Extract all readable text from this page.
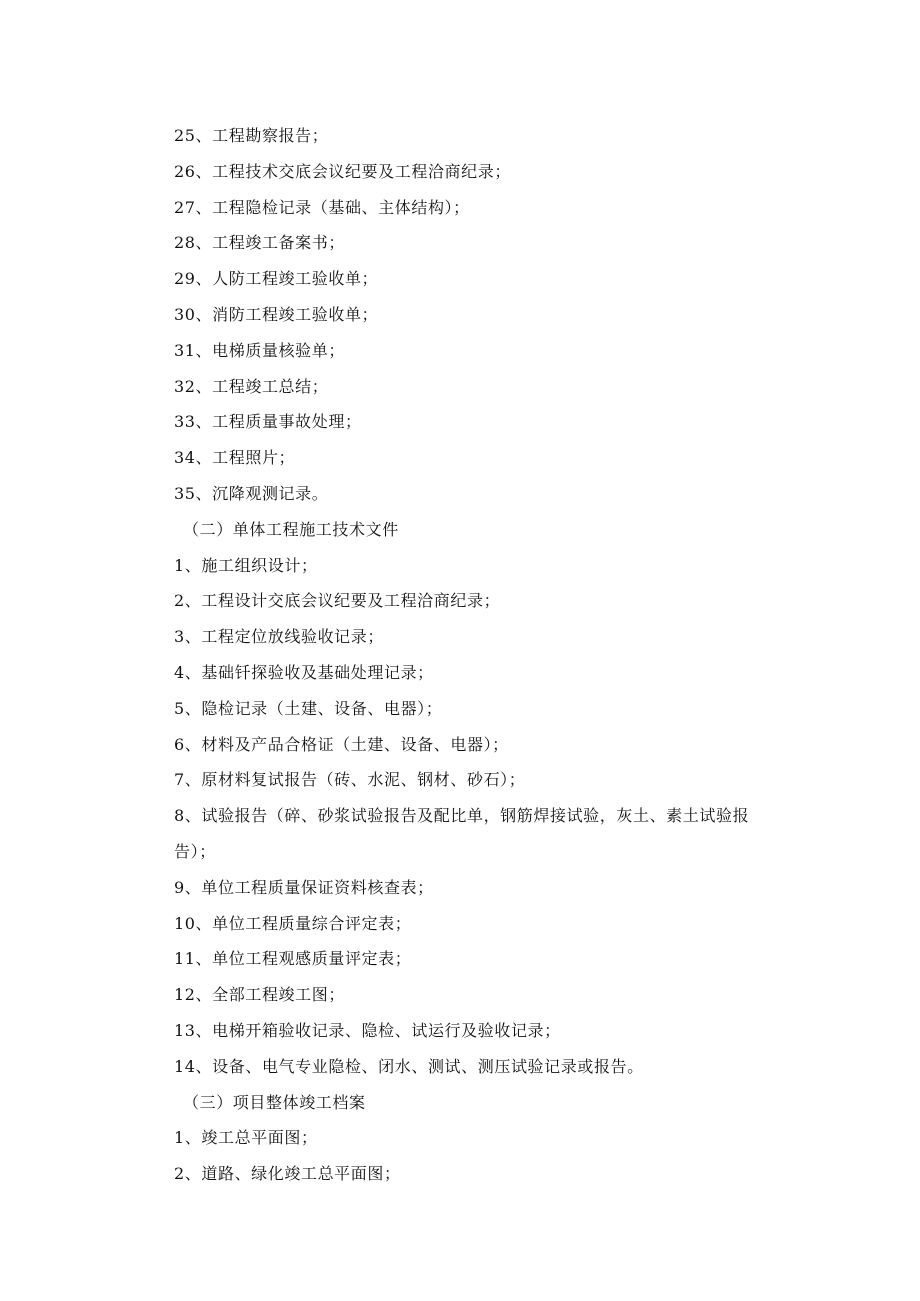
25、工程勘察报告；

26、工程技术交底会议纪要及工程洽商纪录；

27、工程隐检记录（基础、主体结构）；

28、工程竣工备案书；

29、人防工程竣工验收单；

30、消防工程竣工验收单；

31、电梯质量核验单；

32、工程竣工总结；

33、工程质量事故处理；

34、工程照片；

35、沉降观测记录。

（二）单体工程施工技术文件

1、施工组织设计；

2、工程设计交底会议纪要及工程洽商纪录；

3、工程定位放线验收记录；

4、基础钎探验收及基础处理记录；

5、隐检记录（土建、设备、电器）；

6、材料及产品合格证（土建、设备、电器）；

7、原材料复试报告（砖、水泥、钢材、砂石）；

8、试验报告（碎、砂浆试验报告及配比单，钢筋焊接试验，灰土、素土试验报告）；

9、单位工程质量保证资料核查表；

10、单位工程质量综合评定表；

11、单位工程观感质量评定表；

12、全部工程竣工图；

13、电梯开箱验收记录、隐检、试运行及验收记录；

14、设备、电气专业隐检、闭水、测试、测压试验记录或报告。

（三）项目整体竣工档案

1、竣工总平面图；

2、道路、绿化竣工总平面图；
